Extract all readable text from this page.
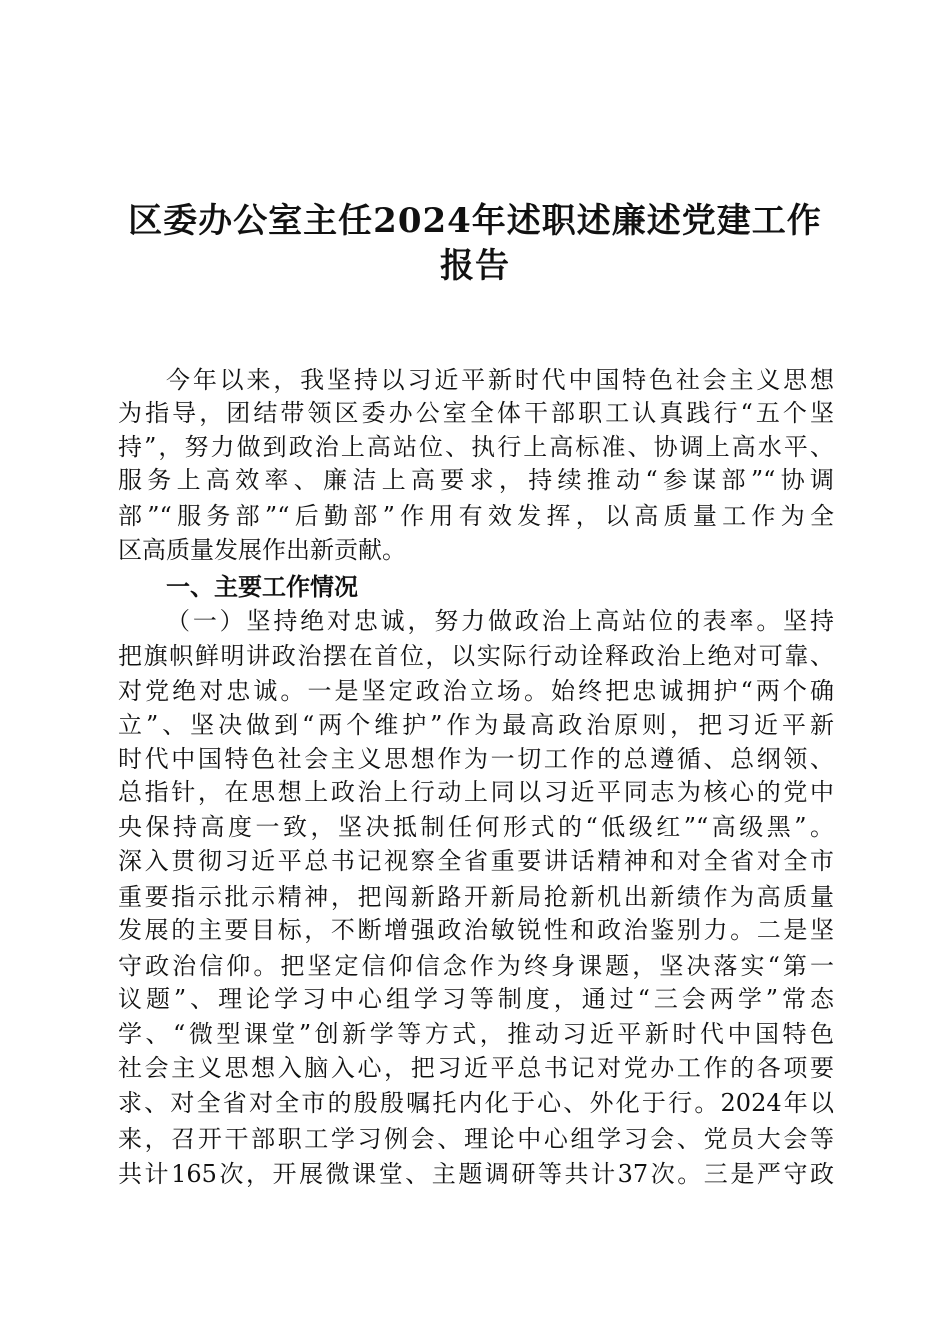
区委办公室主任2024年述职述廉述党建工作
报告
今年以来，我坚持以习近平新时代中国特色社会主义思想
为指导，团结带领区委办公室全体干部职工认真践行“五个坚
持”，努力做到政治上高站位、执行上高标准、协调上高水平、
服务上高效率、廉洁上高要求，持续推动“参谋部”“协调
部”“服务部”“后勤部”作用有效发挥，以高质量工作为全
区高质量发展作出新贡献。
一、主要工作情况
（一）坚持绝对忠诚，努力做政治上高站位的表率。坚持
把旗帜鲜明讲政治摆在首位，以实际行动诠释政治上绝对可靠、
对党绝对忠诚。一是坚定政治立场。始终把忠诚拥护“两个确
立”、坚决做到“两个维护”作为最高政治原则，把习近平新
时代中国特色社会主义思想作为一切工作的总遵循、总纲领、
总指针，在思想上政治上行动上同以习近平同志为核心的党中
央保持高度一致，坚决抵制任何形式的“低级红”“高级黑”。
深入贯彻习近平总书记视察全省重要讲话精神和对全省对全市
重要指示批示精神，把闯新路开新局抢新机出新绩作为高质量
发展的主要目标，不断增强政治敏锐性和政治鉴别力。二是坚
守政治信仰。把坚定信仰信念作为终身课题，坚决落实“第一
议题”、理论学习中心组学习等制度，通过“三会两学”常态
学、“微型课堂”创新学等方式，推动习近平新时代中国特色
社会主义思想入脑入心，把习近平总书记对党办工作的各项要
求、对全省对全市的殷殷嘱托内化于心、外化于行。2024年以
来，召开干部职工学习例会、理论中心组学习会、党员大会等
共计165次，开展微课堂、主题调研等共计37次。三是严守政
